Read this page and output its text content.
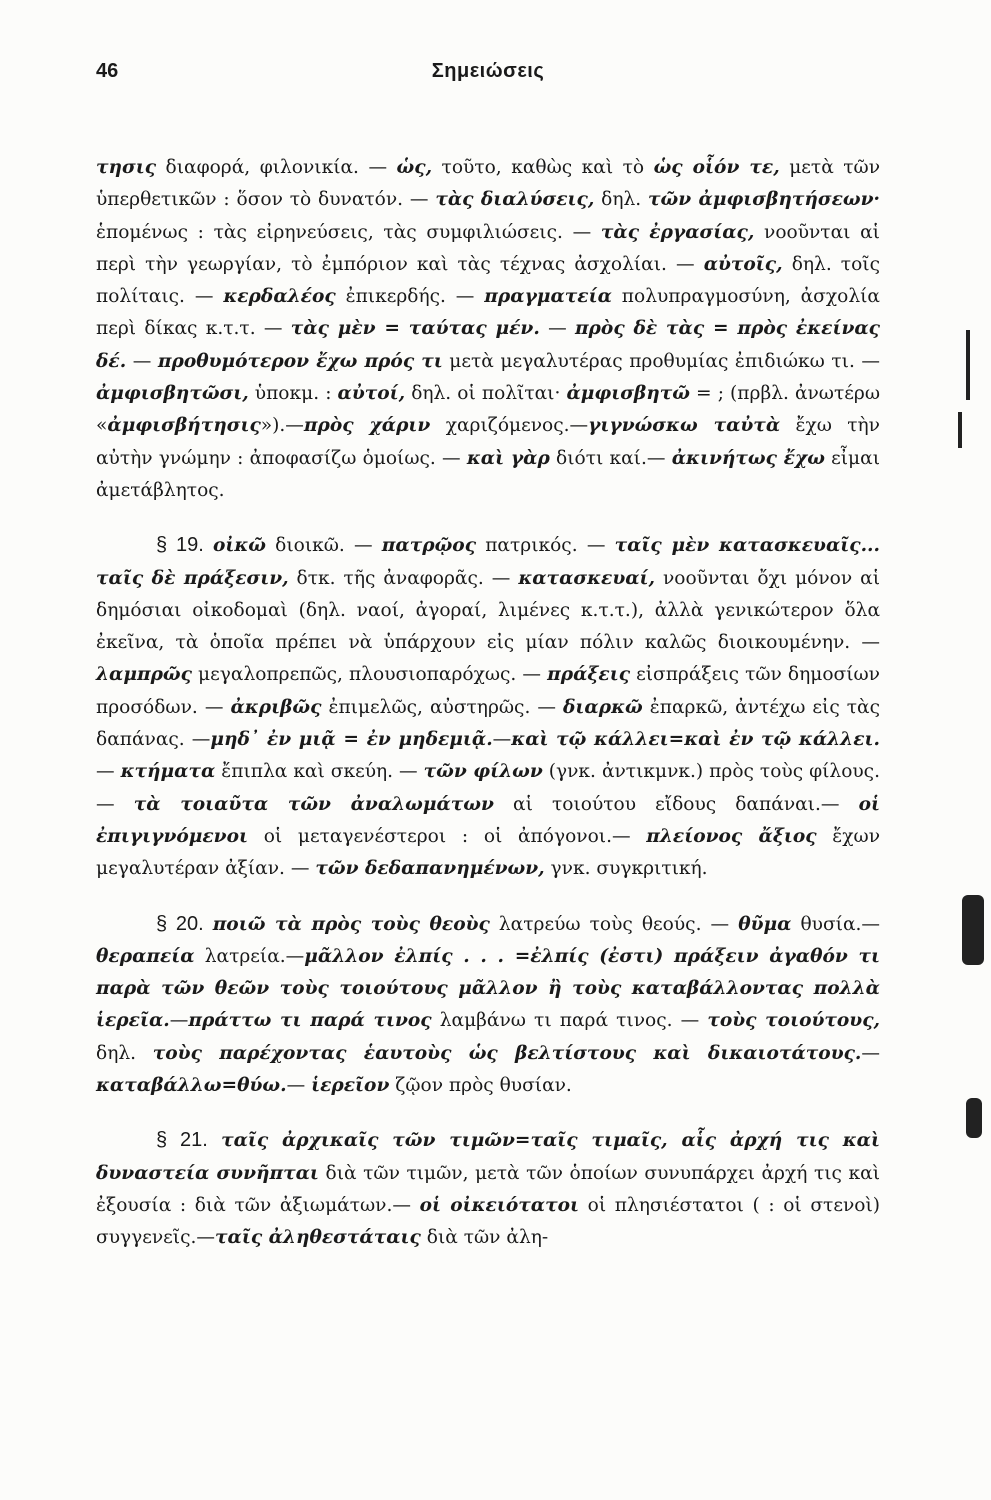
46	Σημειώσεις

τησις διαφορά, φιλονικία. — ὡς, τοῦτο, καθὼς καὶ τὸ ὡς οἷόν τε, μετὰ τῶν ὑπερθετικῶν : ὅσον τὸ δυνατόν. — τὰς διαλύσεις, δηλ. τῶν ἀμφισβητήσεων· ἑπομένως : τὰς εἰρηνεύσεις, τὰς συμφιλιώσεις. — τὰς ἐργασίας, νοοῦνται αἱ περὶ τὴν γεωργίαν, τὸ ἐμπόριον καὶ τὰς τέχνας ἀσχολίαι. — αὐτοῖς, δηλ. τοῖς πολίταις. — κερδαλέος ἐπικερδής. — πραγματεία πολυπραγμοσύνη, ἀσχολία περὶ δίκας κ.τ.τ. — τὰς μὲν = ταύτας μέν. — πρὸς δὲ τὰς = πρὸς ἐκείνας δέ. — προθυμότερον ἔχω πρός τι μετὰ μεγαλυτέρας προθυμίας ἐπιδιώκω τι. — ἀμφισβητῶσι, ὑποκμ. : αὐτοί, δηλ. οἱ πολῖται· ἀμφισβητῶ = ; (πρβλ. ἀνωτέρω «ἀμφισβήτησις»).—πρὸς χάριν χαριζόμενος.—γιγνώσκω ταὐτὰ ἔχω τὴν αὐτὴν γνώμην : ἀποφασίζω ὁμοίως. — καὶ γὰρ διότι καί.— ἀκινήτως ἔχω εἶμαι ἀμετάβλητος.

§ 19. οἰκῶ διοικῶ. — πατρῷος πατρικός. — ταῖς μὲν κατασκευαῖς... ταῖς δὲ πράξεσιν, δτκ. τῆς ἀναφορᾶς. — κατασκευαί, νοοῦνται ὄχι μόνον αἱ δημόσιαι οἰκοδομαὶ (δηλ. ναοί, ἀγοραί, λιμένες κ.τ.τ.), ἀλλὰ γενικώτερον ὅλα ἐκεῖνα, τὰ ὁποῖα πρέπει νὰ ὑπάρχουν εἰς μίαν πόλιν καλῶς διοικουμένην. — λαμπρῶς μεγαλοπρεπῶς, πλουσιοπαρόχως. — πράξεις εἰσπράξεις τῶν δημοσίων προσόδων. — ἀκριβῶς ἐπιμελῶς, αὐστηρῶς. — διαρκῶ ἐπαρκῶ, ἀντέχω εἰς τὰς δαπάνας. —μηδ᾽ ἐν μιᾷ = ἐν μηδεμιᾷ.—καὶ τῷ κάλλει=καὶ ἐν τῷ κάλλει.— κτήματα ἔπιπλα καὶ σκεύη. — τῶν φίλων (γνκ. ἀντικμνκ.) πρὸς τοὺς φίλους. — τὰ τοιαῦτα τῶν ἀναλωμάτων αἱ τοιούτου εἴδους δαπάναι.— οἱ ἐπιγιγνόμενοι οἱ μεταγενέστεροι : οἱ ἀπόγονοι.— πλείονος ἄξιος ἔχων μεγαλυτέραν ἀξίαν. — τῶν δεδαπανημένων, γνκ. συγκριτική.

§ 20. ποιῶ τὰ πρὸς τοὺς θεοὺς λατρεύω τοὺς θεούς. — θῦμα θυσία.—θεραπεία λατρεία.—μᾶλλον ἐλπίς . . . =ἐλπίς (ἐστι) πράξειν ἀγαθόν τι παρὰ τῶν θεῶν τοὺς τοιούτους μᾶλλον ἢ τοὺς καταβάλλοντας πολλὰ ἱερεῖα.—πράττω τι παρά τινος λαμβάνω τι παρά τινος. — τοὺς τοιούτους, δηλ. τοὺς παρέχοντας ἑαυτοὺς ὡς βελτίστους καὶ δικαιοτάτους.—καταβάλλω=θύω.— ἱερεῖον ζῷον πρὸς θυσίαν.

§ 21. ταῖς ἀρχικαῖς τῶν τιμῶν=ταῖς τιμαῖς, αἷς ἀρχή τις καὶ δυναστεία συνῆπται διὰ τῶν τιμῶν, μετὰ τῶν ὁποίων συνυπάρχει ἀρχή τις καὶ ἐξουσία : διὰ τῶν ἀξιωμάτων.— οἱ οἰκειότατοι οἱ πλησιέστατοι ( : οἱ στενοὶ) συγγενεῖς.—ταῖς ἀληθεστάταις διὰ τῶν ἀλη-
